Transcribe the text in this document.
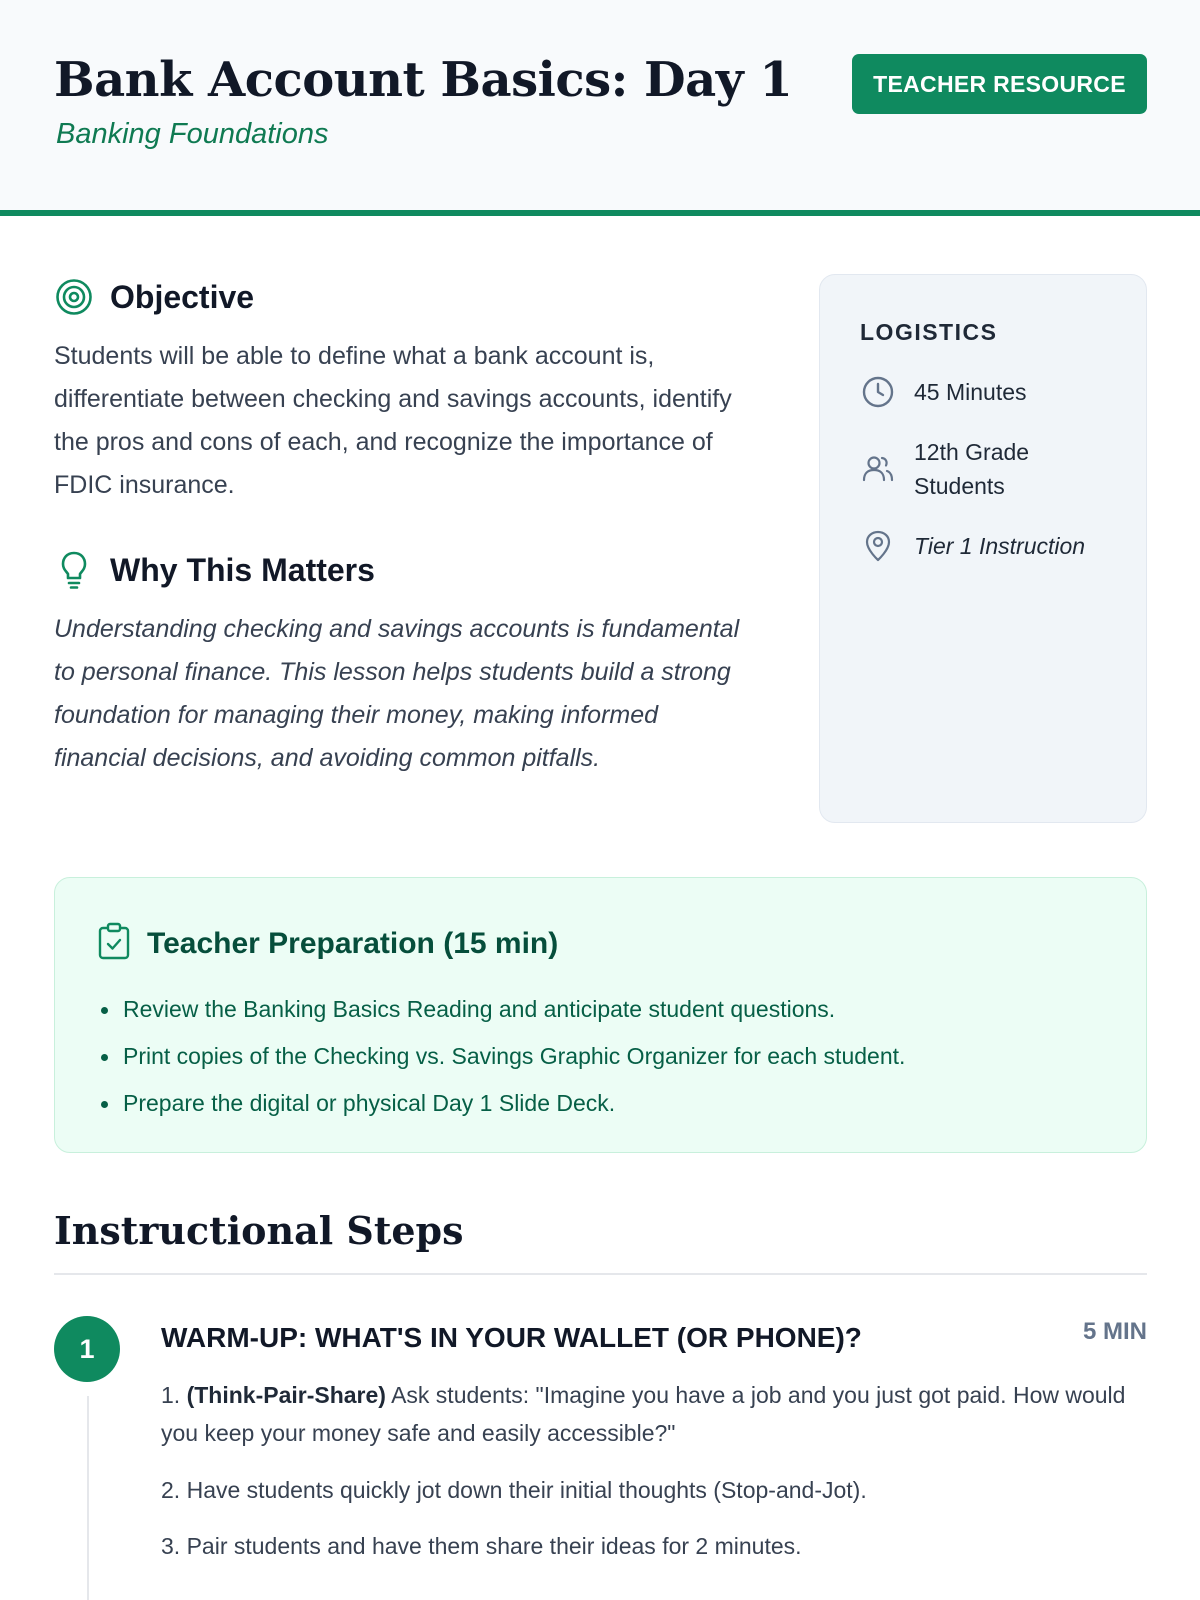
Bank Account Basics: Day 1
Banking Foundations
TEACHER RESOURCE
Objective

Students will be able to define what a bank account is, differentiate between checking and savings accounts, identify the pros and cons of each, and recognize the importance of FDIC insurance.

Why This Matters

Understanding checking and savings accounts is fundamental to personal finance. This lesson helps students build a strong foundation for managing their money, making informed financial decisions, and avoiding common pitfalls.

LOGISTICS
45 Minutes
12th Grade Students
Tier 1 Instruction
Teacher Preparation (15 min)
Review the Banking Basics Reading and anticipate student questions.
Print copies of the Checking vs. Savings Graphic Organizer for each student.
Prepare the digital or physical Day 1 Slide Deck.
Instructional Steps
1	WARM-UP: WHAT'S IN YOUR WALLET (OR PHONE)?	5 MIN

1. (Think-Pair-Share) Ask students: "Imagine you have a job and you just got paid. How would you keep your money safe and easily accessible?"

2. Have students quickly jot down their initial thoughts (Stop-and-Jot).

3. Pair students and have them share their ideas for 2 minutes.
